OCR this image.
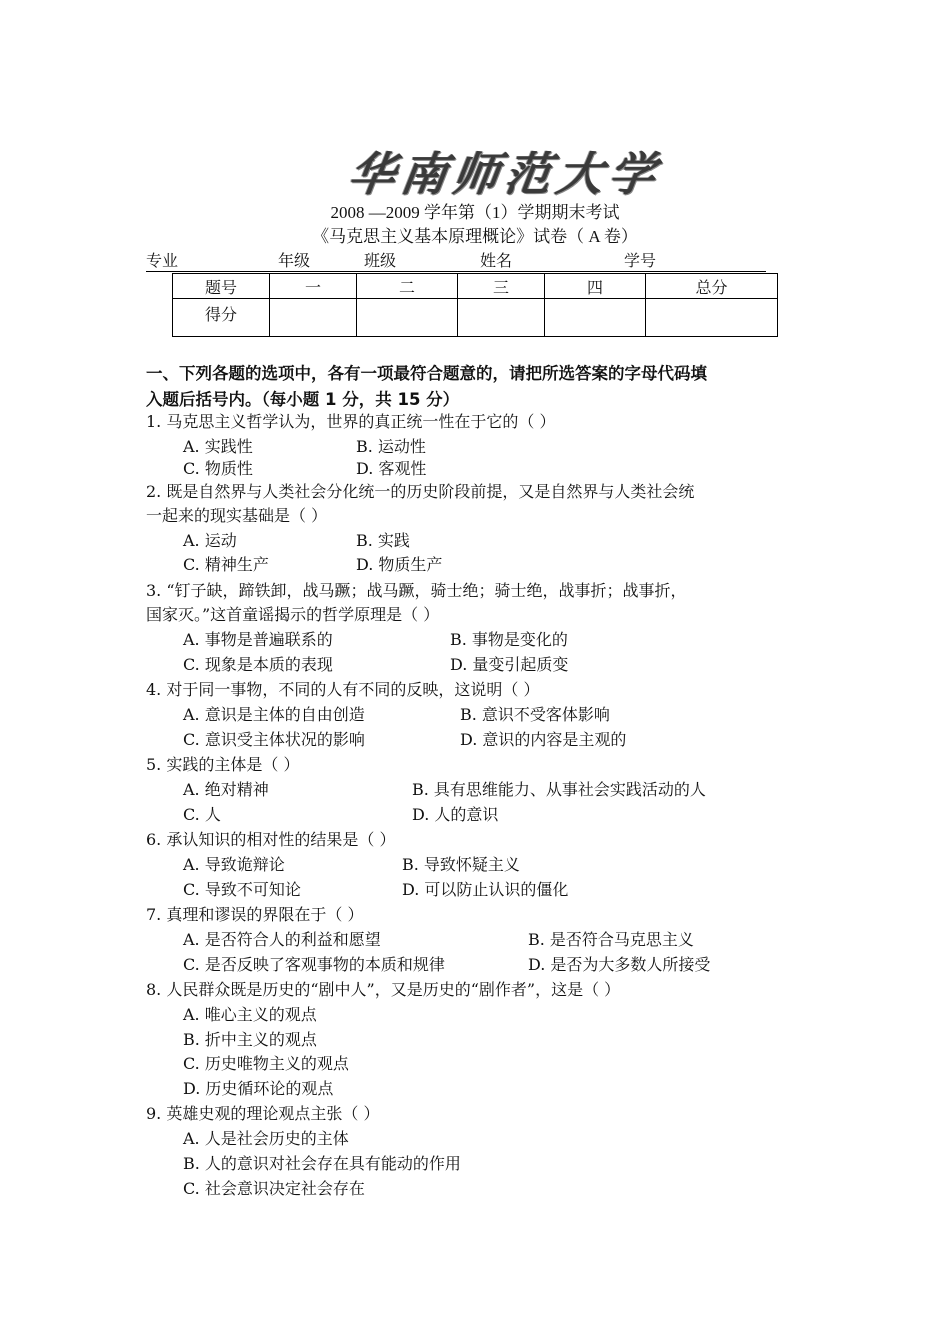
华南师范大学
2008 —2009 学年第（1）学期期末考试
《马克思主义基本原理概论》试卷（ A 卷）
专业	年级	班级	姓名	学号
题号	一	二	三	四	总分
得分					
一、下列各题的选项中，各有一项最符合题意的，请把所选答案的字母代码填
入题后括号内。（每小题 1 分，共 15 分）
1. 马克思主义哲学认为，世界的真正统一性在于它的（ ）
A. 实践性	B. 运动性
C. 物质性	D. 客观性
2. 既是自然界与人类社会分化统一的历史阶段前提，又是自然界与人类社会统
一起来的现实基础是（ ）
A. 运动	B. 实践
C. 精神生产	D. 物质生产
3. “钉子缺，蹄铁卸，战马蹶；战马蹶，骑士绝；骑士绝，战事折；战事折，
国家灭。”这首童谣揭示的哲学原理是（ ）
A. 事物是普遍联系的	B. 事物是变化的
C. 现象是本质的表现	D. 量变引起质变
4. 对于同一事物，不同的人有不同的反映，这说明（ ）
A. 意识是主体的自由创造	B. 意识不受客体影响
C. 意识受主体状况的影响	D. 意识的内容是主观的
5. 实践的主体是（ ）
A. 绝对精神	B. 具有思维能力、从事社会实践活动的人
C. 人	D. 人的意识
6. 承认知识的相对性的结果是（ ）
A. 导致诡辩论	B. 导致怀疑主义
C. 导致不可知论	D. 可以防止认识的僵化
7. 真理和谬误的界限在于（ ）
A. 是否符合人的利益和愿望	B. 是否符合马克思主义
C. 是否反映了客观事物的本质和规律	D. 是否为大多数人所接受
8. 人民群众既是历史的“剧中人”，又是历史的“剧作者”，这是（ ）
A. 唯心主义的观点
B. 折中主义的观点
C. 历史唯物主义的观点
D. 历史循环论的观点
9. 英雄史观的理论观点主张（ ）
A. 人是社会历史的主体
B. 人的意识对社会存在具有能动的作用
C. 社会意识决定社会存在
